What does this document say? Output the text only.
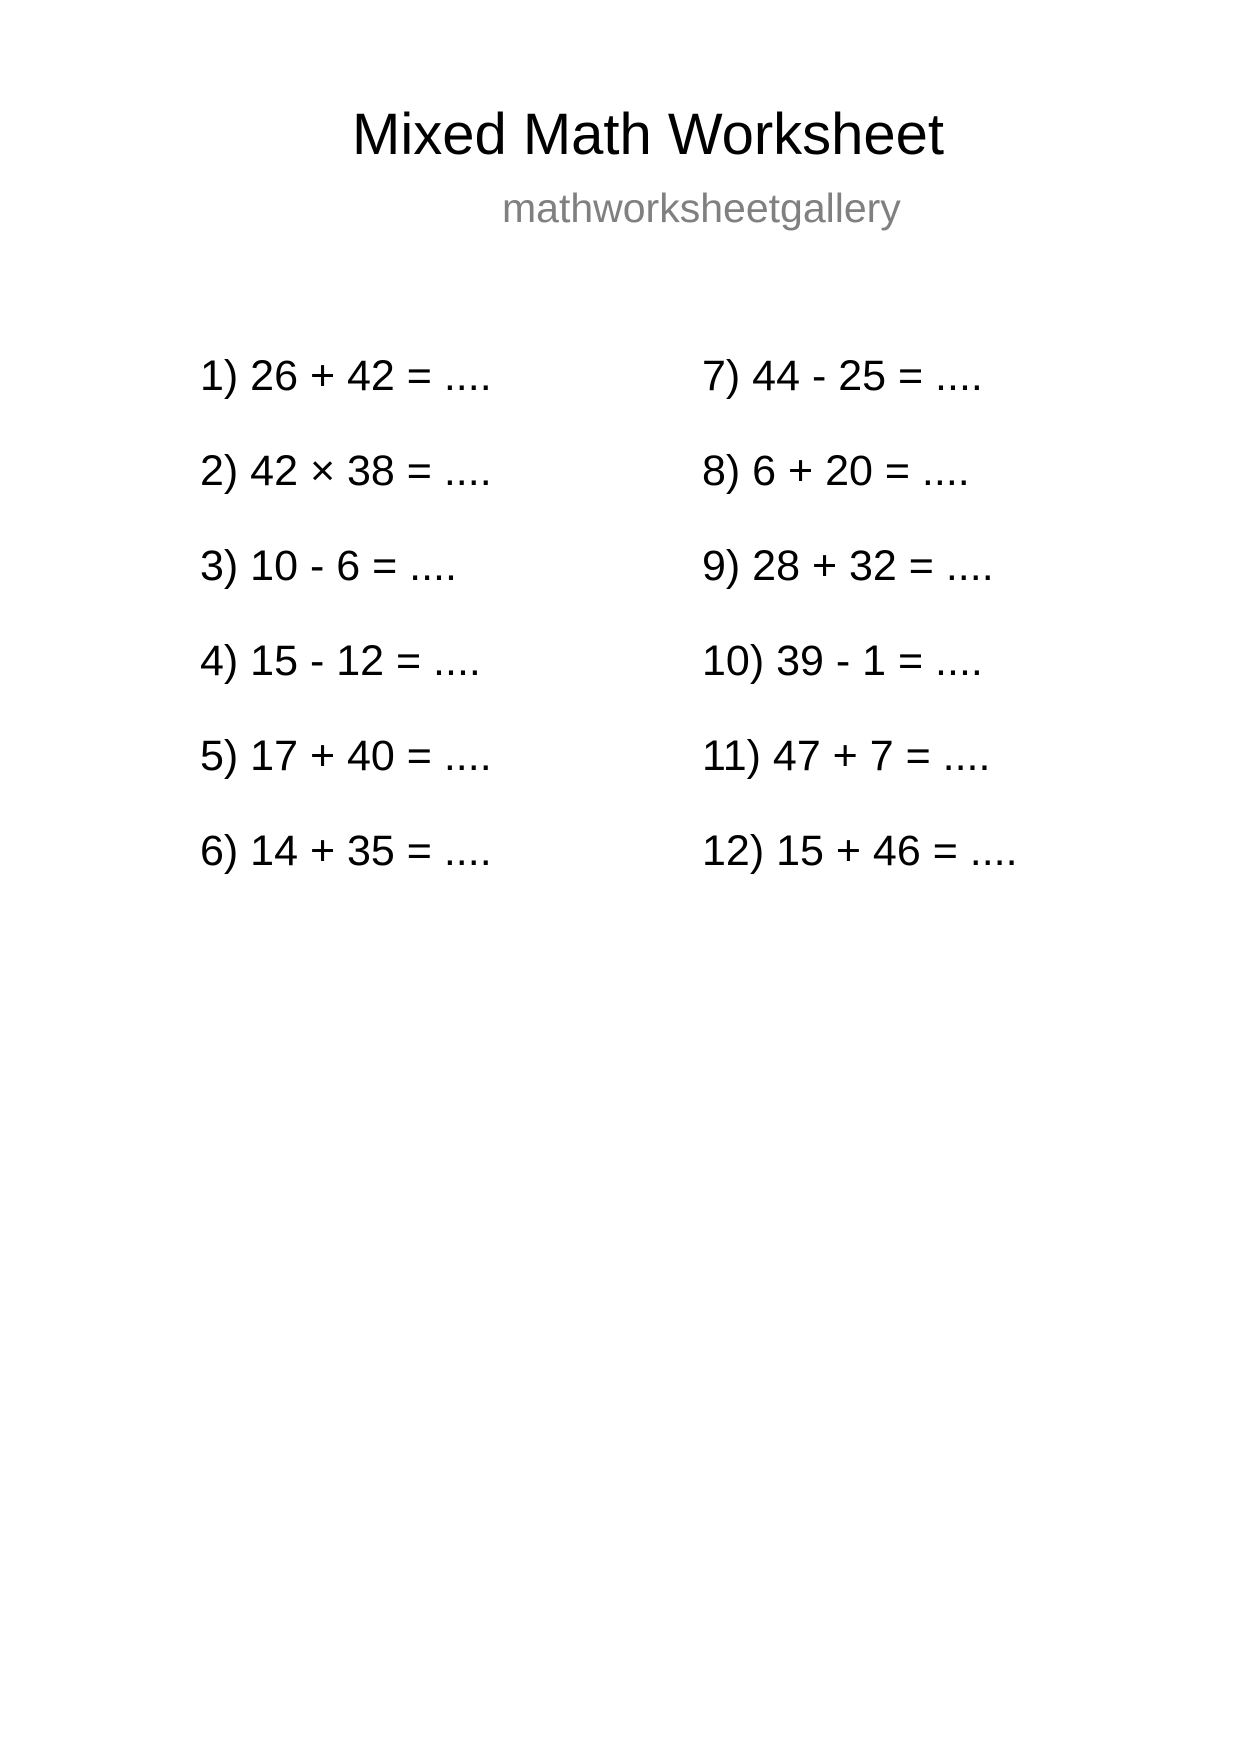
Mixed Math Worksheet
mathworksheetgallery
1) 26 + 42 = ....
2) 42 × 38 = ....
3) 10 - 6 = ....
4) 15 - 12 = ....
5) 17 + 40 = ....
6) 14 + 35 = ....
7) 44 - 25 = ....
8) 6 + 20 = ....
9) 28 + 32 = ....
10) 39 - 1 = ....
11) 47 + 7 = ....
12) 15 + 46 = ....
